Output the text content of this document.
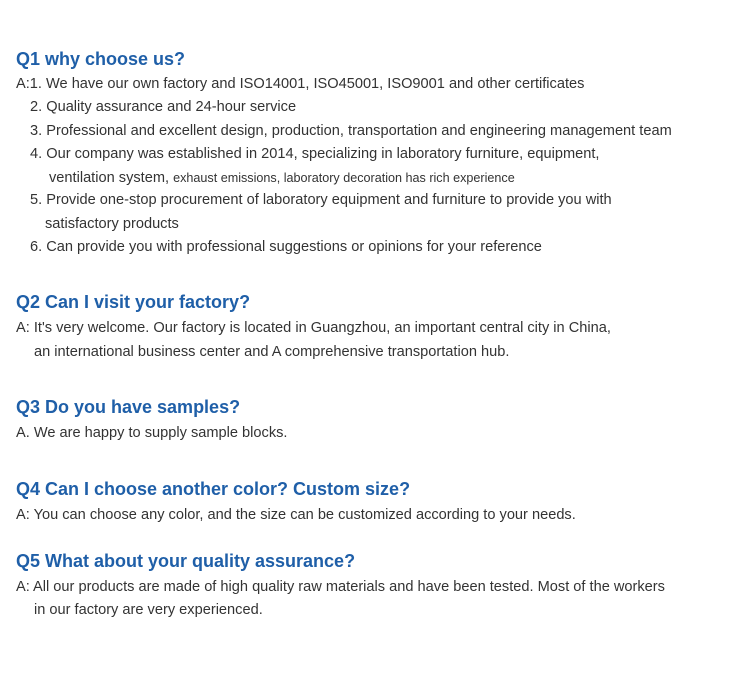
Q1 why choose us?

A:1. We have our own factory and ISO14001, ISO45001, ISO9001 and other certificates

2. Quality assurance and 24-hour service

3. Professional and excellent design, production, transportation and engineering management team

4. Our company was established in 2014, specializing in laboratory furniture, equipment,

ventilation system, exhaust emissions, laboratory decoration has rich experience

5. Provide one-stop procurement of laboratory equipment and furniture to provide you with

satisfactory products

6. Can provide you with professional suggestions or opinions for your reference

Q2 Can I visit your factory?

A: It's very welcome. Our factory is located in Guangzhou, an important central city in China,

an international business center and A comprehensive transportation hub.

Q3 Do you have samples?

A. We are happy to supply sample blocks.

Q4 Can I choose another color? Custom size?

A: You can choose any color, and the size can be customized according to your needs.

Q5 What about your quality assurance?

A: All our products are made of high quality raw materials and have been tested. Most of the workers

in our factory are very experienced.
